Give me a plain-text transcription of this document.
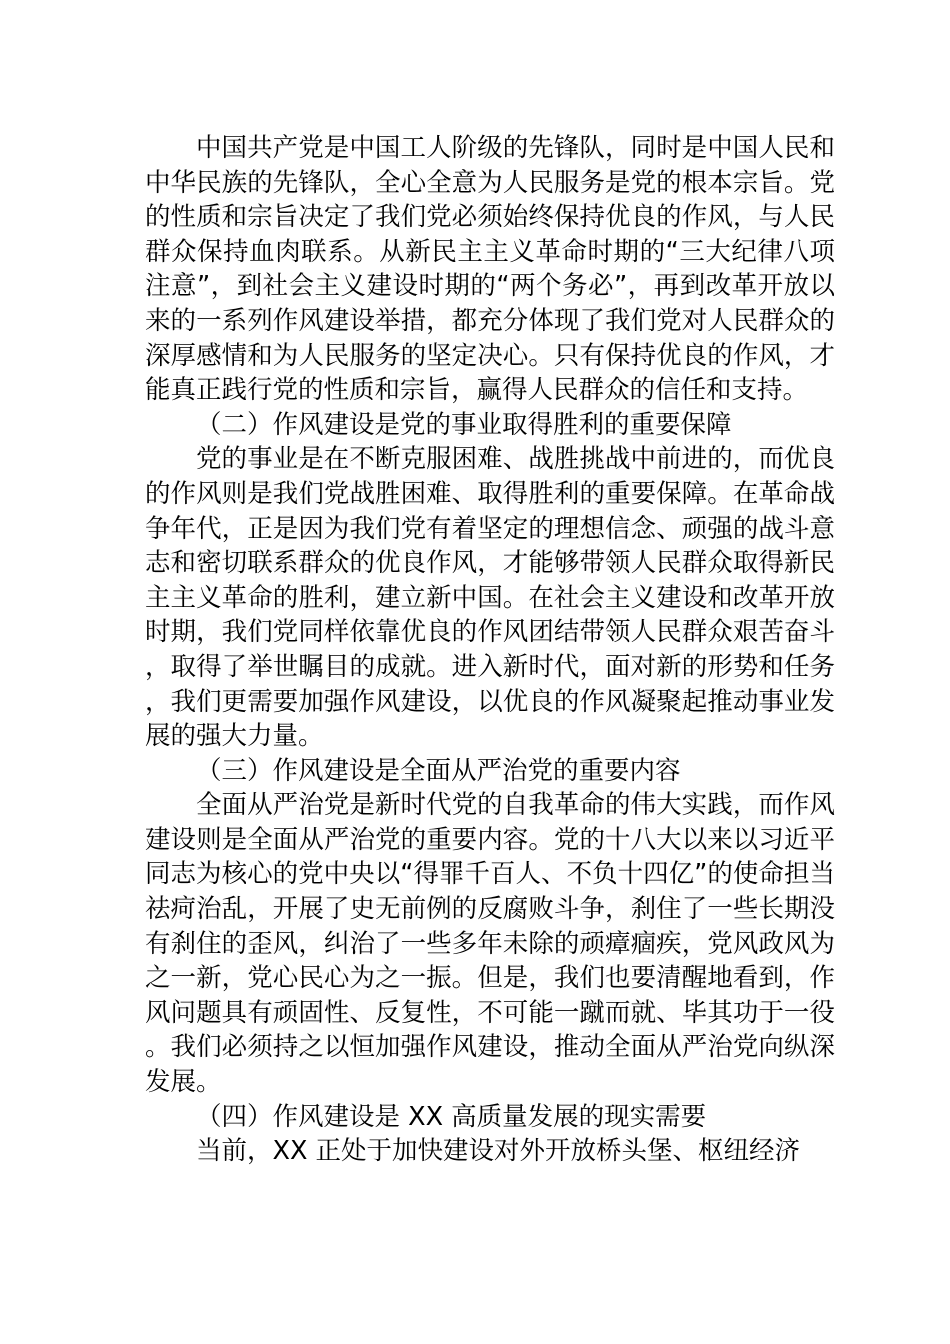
中国共产党是中国工人阶级的先锋队，同时是中国人民和中华民族的先锋队，全心全意为人民服务是党的根本宗旨。党的性质和宗旨决定了我们党必须始终保持优良的作风，与人民群众保持血肉联系。从新民主主义革命时期的“三大纪律八项注意”，到社会主义建设时期的“两个务必”，再到改革开放以来的一系列作风建设举措，都充分体现了我们党对人民群众的深厚感情和为人民服务的坚定决心。只有保持优良的作风，才能真正践行党的性质和宗旨，赢得人民群众的信任和支持。

（二）作风建设是党的事业取得胜利的重要保障

党的事业是在不断克服困难、战胜挑战中前进的，而优良的作风则是我们党战胜困难、取得胜利的重要保障。在革命战争年代，正是因为我们党有着坚定的理想信念、顽强的战斗意志和密切联系群众的优良作风，才能够带领人民群众取得新民主主义革命的胜利，建立新中国。在社会主义建设和改革开放时期，我们党同样依靠优良的作风团结带领人民群众艰苦奋斗，取得了举世瞩目的成就。进入新时代，面对新的形势和任务，我们更需要加强作风建设，以优良的作风凝聚起推动事业发展的强大力量。

（三）作风建设是全面从严治党的重要内容

全面从严治党是新时代党的自我革命的伟大实践，而作风建设则是全面从严治党的重要内容。党的十八大以来以习近平同志为核心的党中央以“得罪千百人、不负十四亿”的使命担当祛疴治乱，开展了史无前例的反腐败斗争，刹住了一些长期没有刹住的歪风，纠治了一些多年未除的顽瘴痼疾，党风政风为之一新，党心民心为之一振。但是，我们也要清醒地看到，作风问题具有顽固性、反复性，不可能一蹴而就、毕其功于一役。我们必须持之以恒加强作风建设，推动全面从严治党向纵深发展。

（四）作风建设是 XX 高质量发展的现实需要

当前，XX 正处于加快建设对外开放桥头堡、枢纽经济
